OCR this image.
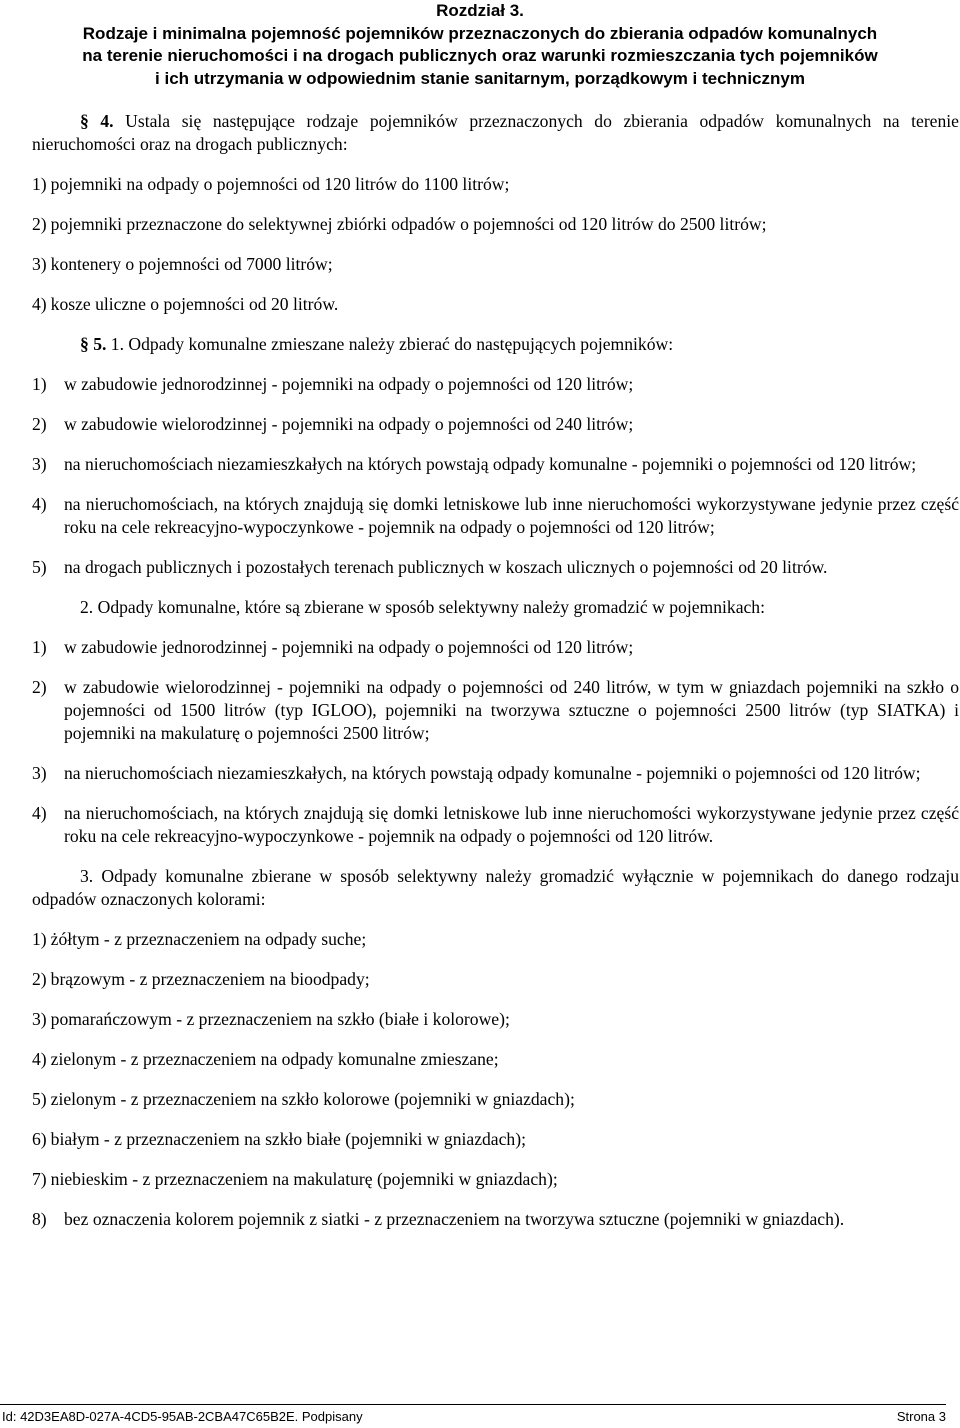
Rozdział 3.
Rodzaje i minimalna pojemność pojemników przeznaczonych do zbierania odpadów komunalnych
na terenie nieruchomości i na drogach publicznych oraz warunki rozmieszczania tych pojemników
i ich utrzymania w odpowiednim stanie sanitarnym, porządkowym i technicznym

§ 4. Ustala się następujące rodzaje pojemników przeznaczonych do zbierania odpadów komunalnych na terenie nieruchomości oraz na drogach publicznych:

1) pojemniki na odpady o pojemności od 120 litrów do 1100 litrów;
2) pojemniki przeznaczone do selektywnej zbiórki odpadów o pojemności od 120 litrów do 2500 litrów;
3) kontenery o pojemności od 7000 litrów;
4) kosze uliczne o pojemności od 20 litrów.

§ 5. 1. Odpady komunalne zmieszane należy zbierać do następujących pojemników:

1) w zabudowie jednorodzinnej - pojemniki na odpady o pojemności od 120 litrów;
2) w zabudowie wielorodzinnej - pojemniki na odpady o pojemności od 240 litrów;
3) na nieruchomościach niezamieszkałych na których powstają odpady komunalne - pojemniki o pojemności od 120 litrów;
4) na nieruchomościach, na których znajdują się domki letniskowe lub inne nieruchomości wykorzystywane jedynie przez część roku na cele rekreacyjno-wypoczynkowe - pojemnik na odpady o pojemności od 120 litrów;
5) na drogach publicznych i pozostałych terenach publicznych w koszach ulicznych o pojemności od 20 litrów.

2. Odpady komunalne, które są zbierane w sposób selektywny należy gromadzić w pojemnikach:

1) w zabudowie jednorodzinnej - pojemniki na odpady o pojemności od 120 litrów;
2) w zabudowie wielorodzinnej - pojemniki na odpady o pojemności od 240 litrów, w tym w gniazdach pojemniki na szkło o pojemności od 1500 litrów (typ IGLOO), pojemniki na tworzywa sztuczne o pojemności 2500 litrów (typ SIATKA) i pojemniki na makulaturę o pojemności 2500 litrów;
3) na nieruchomościach niezamieszkałych, na których powstają odpady komunalne - pojemniki o pojemności od 120 litrów;
4) na nieruchomościach, na których znajdują się domki letniskowe lub inne nieruchomości wykorzystywane jedynie przez część roku na cele rekreacyjno-wypoczynkowe - pojemnik na odpady o pojemności od 120 litrów.

3. Odpady komunalne zbierane w sposób selektywny należy gromadzić wyłącznie w pojemnikach do danego rodzaju odpadów oznaczonych kolorami:

1) żółtym - z przeznaczeniem na odpady suche;
2) brązowym - z przeznaczeniem na bioodpady;
3) pomarańczowym - z przeznaczeniem na szkło (białe i kolorowe);
4) zielonym - z przeznaczeniem na odpady komunalne zmieszane;
5) zielonym - z przeznaczeniem na szkło kolorowe (pojemniki w gniazdach);
6) białym - z przeznaczeniem na szkło białe (pojemniki w gniazdach);
7) niebieskim - z przeznaczeniem na makulaturę (pojemniki w gniazdach);
8) bez oznaczenia kolorem pojemnik z siatki - z przeznaczeniem na tworzywa sztuczne (pojemniki w gniazdach).
Id: 42D3EA8D-027A-4CD5-95AB-2CBA47C65B2E. Podpisany	Strona 3
